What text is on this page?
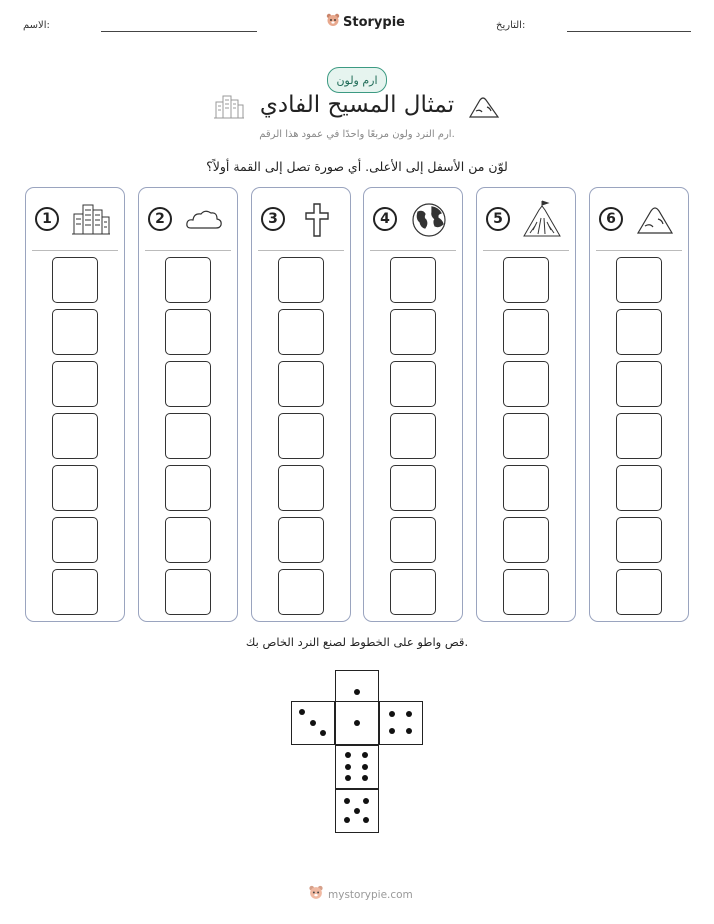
الاسم:	Storypie	التاريخ:
ارم ولون
تمثال المسيح الفادي
ارم النرد ولون مربعًا واحدًا في عمود هذا الرقم.
لوّن من الأسفل إلى الأعلى. أي صورة تصل إلى القمة أولاً؟
1	2	3	4	5	6
قص واطو على الخطوط لصنع النرد الخاص بك.
mystorypie.com
